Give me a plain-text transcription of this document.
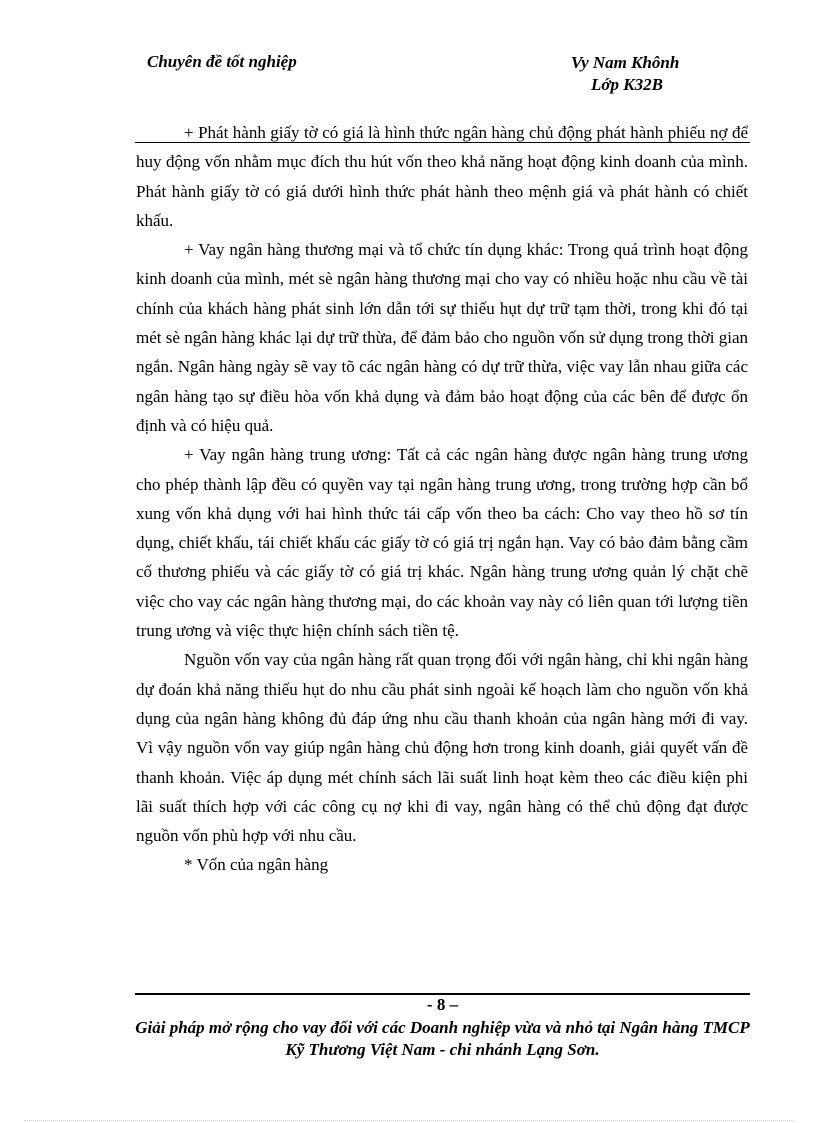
Chuyên đề tốt nghiệp	Vy Nam Khônh
Lớp K32B

+ Phát hành giấy tờ có giá là hình thức ngân hàng chủ động phát hành phiếu nợ để huy động vốn nhằm mục đích thu hút vốn theo khả năng hoạt động kinh doanh của mình. Phát hành giấy tờ có giá dưới hình thức phát hành theo mệnh giá và phát hành có chiết khấu.

+ Vay ngân hàng thương mại và tổ chức tín dụng khác: Trong quá trình hoạt động kinh doanh của mình, mét sè ngân hàng thương mại cho vay có nhiều hoặc nhu cầu về tài chính của khách hàng phát sinh lớn dẫn tới sự thiếu hụt dự trữ tạm thời, trong khi đó tại mét sè ngân hàng khác lại dự trữ thừa, để đảm bảo cho nguồn vốn sử dụng trong thời gian ngắn. Ngân hàng ngày sẽ vay tõ các ngân hàng có dự trữ thừa, việc vay lẫn nhau giữa các ngân hàng tạo sự điều hòa vốn khả dụng và đảm bảo hoạt động của các bên để được ổn định và có hiệu quả.

+ Vay ngân hàng trung ương: Tất cả các ngân hàng được ngân hàng trung ương cho phép thành lập đều có quyền vay tại ngân hàng trung ương, trong trường hợp cần bổ xung vốn khả dụng với hai hình thức tái cấp vốn theo ba cách: Cho vay theo hồ sơ tín dụng, chiết khấu, tái chiết khấu các giấy tờ có giá trị ngắn hạn. Vay có bảo đảm bằng cầm cố thương phiếu và các giấy tờ có giá trị khác. Ngân hàng trung ương quản lý chặt chẽ việc cho vay các ngân hàng thương mại, do các khoản vay này có liên quan tới lượng tiền trung ương và việc thực hiện chính sách tiền tệ.

Nguồn vốn vay của ngân hàng rất quan trọng đối với ngân hàng, chỉ khi ngân hàng dự đoán khả năng thiếu hụt do nhu cầu phát sinh ngoài kế hoạch làm cho nguồn vốn khả dụng của ngân hàng không đủ đáp ứng nhu cầu thanh khoản của ngân hàng mới đi vay. Vì vậy nguồn vốn vay giúp ngân hàng chủ động hơn trong kinh doanh, giải quyết vấn đề thanh khoản. Việc áp dụng mét chính sách lãi suất linh hoạt kèm theo các điều kiện phi lãi suất thích hợp với các công cụ nợ khi đi vay, ngân hàng có thể chủ động đạt được nguồn vốn phù hợp với nhu cầu.

* Vốn của ngân hàng

- 8 –
Giải pháp mở rộng cho vay đối với các Doanh nghiệp vừa và nhỏ tại Ngân hàng TMCP Kỹ Thương Việt Nam - chi nhánh Lạng Sơn.
